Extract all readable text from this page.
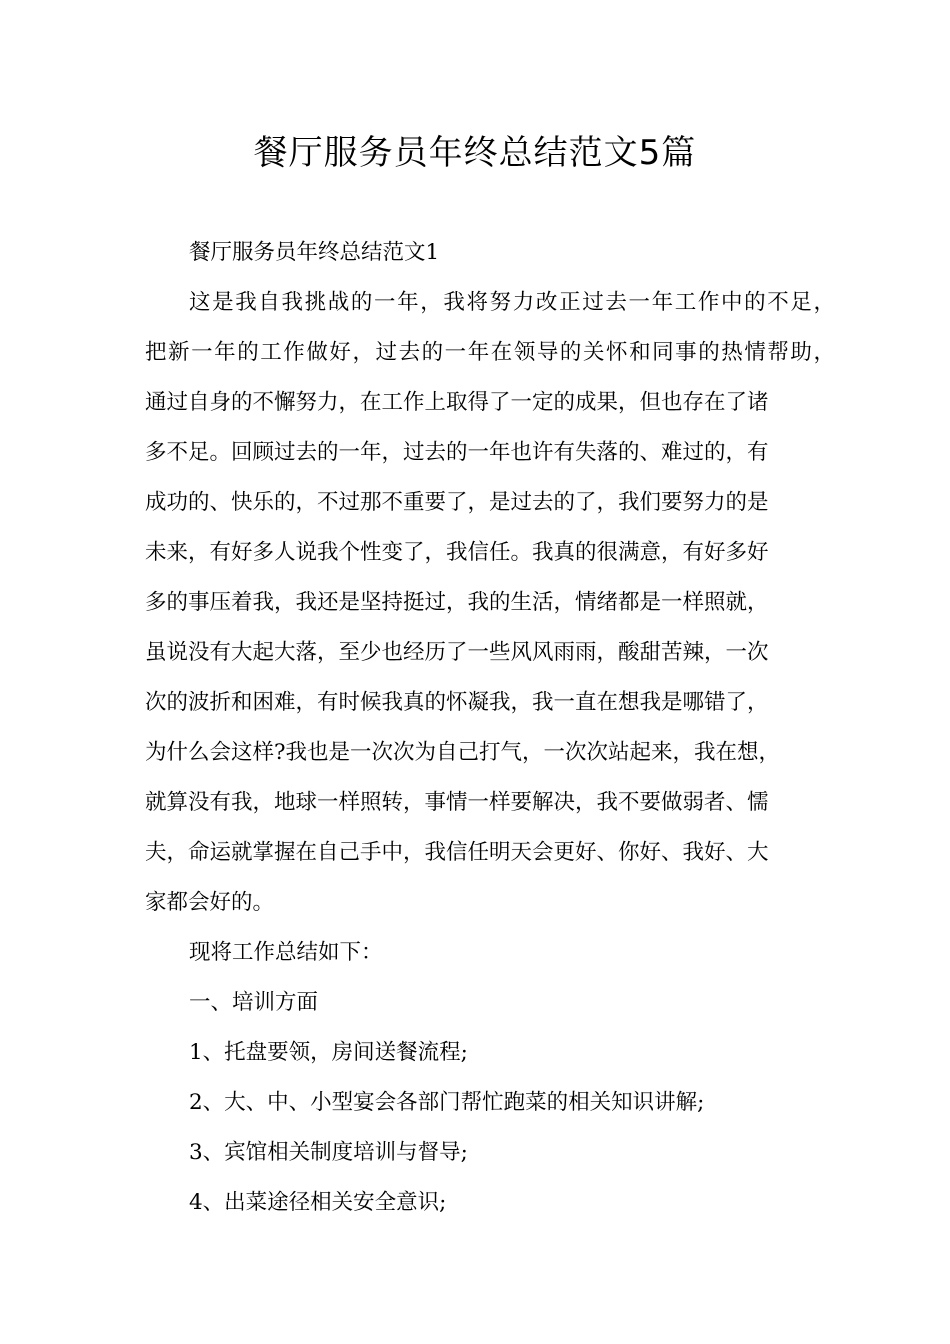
餐厅服务员年终总结范文5篇

餐厅服务员年终总结范文1

这是我自我挑战的一年，我将努力改正过去一年工作中的不足，

把新一年的工作做好，过去的一年在领导的关怀和同事的热情帮助，

通过自身的不懈努力，在工作上取得了一定的成果，但也存在了诸

多不足。回顾过去的一年，过去的一年也许有失落的、难过的，有

成功的、快乐的，不过那不重要了，是过去的了，我们要努力的是

未来，有好多人说我个性变了，我信任。我真的很满意，有好多好

多的事压着我，我还是坚持挺过，我的生活，情绪都是一样照就，

虽说没有大起大落，至少也经历了一些风风雨雨，酸甜苦辣，一次

次的波折和困难，有时候我真的怀凝我，我一直在想我是哪错了，

为什么会这样?我也是一次次为自己打气，一次次站起来，我在想，

就算没有我，地球一样照转，事情一样要解决，我不要做弱者、懦

夫，命运就掌握在自己手中，我信任明天会更好、你好、我好、大

家都会好的。

现将工作总结如下：

一、培训方面

1、托盘要领，房间送餐流程;

2、大、中、小型宴会各部门帮忙跑菜的相关知识讲解;

3、宾馆相关制度培训与督导;

4、出菜途径相关安全意识;
